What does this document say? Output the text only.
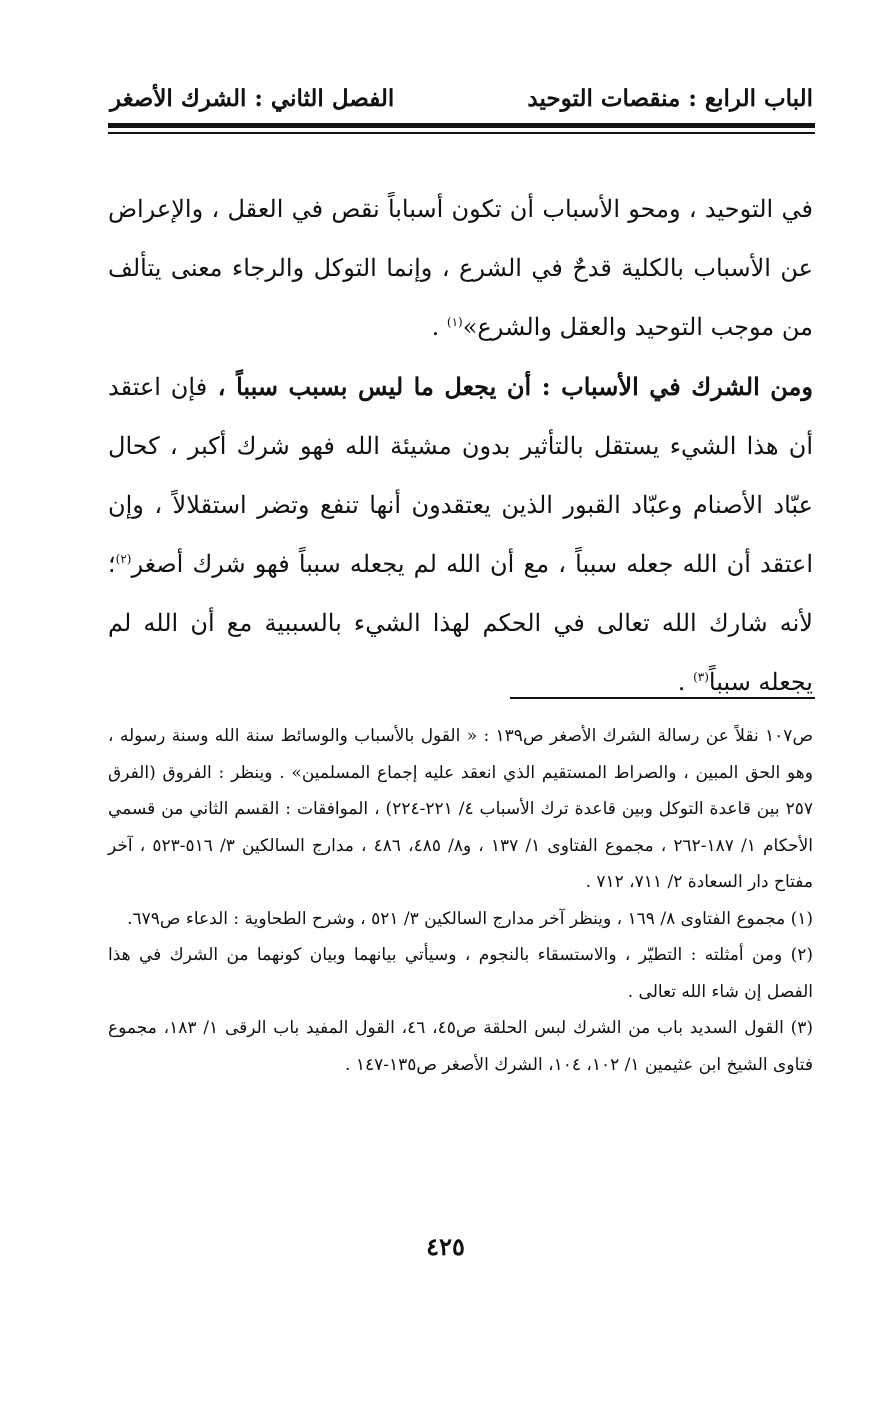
الباب الرابع : منقصات التوحيد
الفصل الثاني : الشرك الأصغر

في التوحيد ، ومحو الأسباب أن تكون أسباباً نقص في العقل ، والإعراض عن الأسباب بالكلية قدحٌ في الشرع ، وإنما التوكل والرجاء معنى يتألف من موجب التوحيد والعقل والشرع»$^{(١)}$ .

ومن الشرك في الأسباب : أن يجعل ما ليس بسبب سبباً ، فإن اعتقد أن هذا الشيء يستقل بالتأثير بدون مشيئة الله فهو شرك أكبر ، كحال عبّاد الأصنام وعبّاد القبور الذين يعتقدون أنها تنفع وتضر استقلالاً ، وإن اعتقد أن الله جعله سبباً ، مع أن الله لم يجعله سبباً فهو شرك أصغر$^{(٢)}$؛ لأنه شارك الله تعالى في الحكم لهذا الشيء بالسببية مع أن الله لم يجعله سبباً$^{(٣)}$ .

ص١٠٧ نقلاً عن رسالة الشرك الأصغر ص١٣٩ : « القول بالأسباب والوسائط سنة الله وسنة رسوله ، وهو الحق المبين ، والصراط المستقيم الذي انعقد عليه إجماع المسلمين» . وينظر : الفروق (الفرق ٢٥٧ بين قاعدة التوكل وبين قاعدة ترك الأسباب ٤/ ٢٢١-٢٢٤) ، الموافقات : القسم الثاني من قسمي الأحكام ١/ ١٨٧-٢٦٢ ، مجموع الفتاوى ١/ ١٣٧ ، و٨/ ٤٨٥، ٤٨٦ ، مدارج السالكين ٣/ ٥١٦-٥٢٣ ، آخر مفتاح دار السعادة ٢/ ٧١١، ٧١٢ .

(١) مجموع الفتاوى ٨/ ١٦٩ ، وينظر آخر مدارج السالكين ٣/ ٥٢١ ، وشرح الطحاوية : الدعاء ص٦٧٩.

(٢) ومن أمثلته : التطيّر ، والاستسقاء بالنجوم ، وسيأتي بيانهما وبيان كونهما من الشرك في هذا الفصل إن شاء الله تعالى .

(٣) القول السديد باب من الشرك لبس الحلقة ص٤٥، ٤٦، القول المفيد باب الرقى ١/ ١٨٣، مجموع فتاوى الشيخ ابن عثيمين ١/ ١٠٢، ١٠٤، الشرك الأصغر ص١٣٥-١٤٧ .

٤٢٥
